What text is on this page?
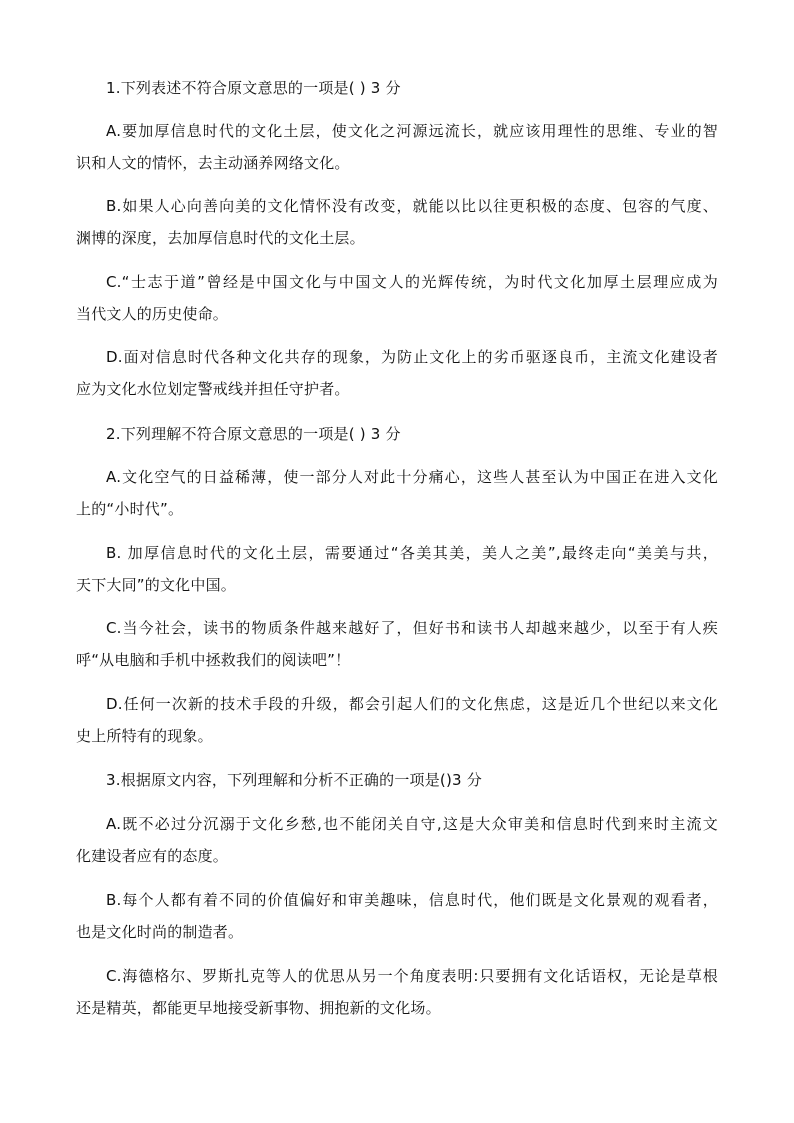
1.下列表述不符合原文意思的一项是( ) 3 分

A.要加厚信息时代的文化土层，使文化之河源远流长，就应该用理性的思维、专业的智
识和人文的情怀，去主动涵养网络文化。

B.如果人心向善向美的文化情怀没有改变，就能以比以往更积极的态度、包容的气度、
渊博的深度，去加厚信息时代的文化土层。

C.“士志于道”曾经是中国文化与中国文人的光辉传统，为时代文化加厚土层理应成为
当代文人的历史使命。

D.面对信息时代各种文化共存的现象，为防止文化上的劣币驱逐良币，主流文化建设者
应为文化水位划定警戒线并担任守护者。

2.下列理解不符合原文意思的一项是( ) 3 分

A.文化空气的日益稀薄，使一部分人对此十分痛心，这些人甚至认为中国正在进入文化
上的“小时代”。

B. 加厚信息时代的文化土层，需要通过“各美其美，美人之美”,最终走向“美美与共，
天下大同”的文化中国。

C.当今社会，读书的物质条件越来越好了，但好书和读书人却越来越少，以至于有人疾
呼“从电脑和手机中拯救我们的阅读吧”！

D.任何一次新的技术手段的升级，都会引起人们的文化焦虑，这是近几个世纪以来文化
史上所特有的现象。

3.根据原文内容，下列理解和分析不正确的一项是()3 分

A.既不必过分沉溺于文化乡愁,也不能闭关自守,这是大众审美和信息时代到来时主流文
化建设者应有的态度。

B.每个人都有着不同的价值偏好和审美趣味，信息时代，他们既是文化景观的观看者，
也是文化时尚的制造者。

C.海德格尔、罗斯扎克等人的优思从另一个角度表明:只要拥有文化话语权，无论是草根
还是精英，都能更早地接受新事物、拥抱新的文化场。
